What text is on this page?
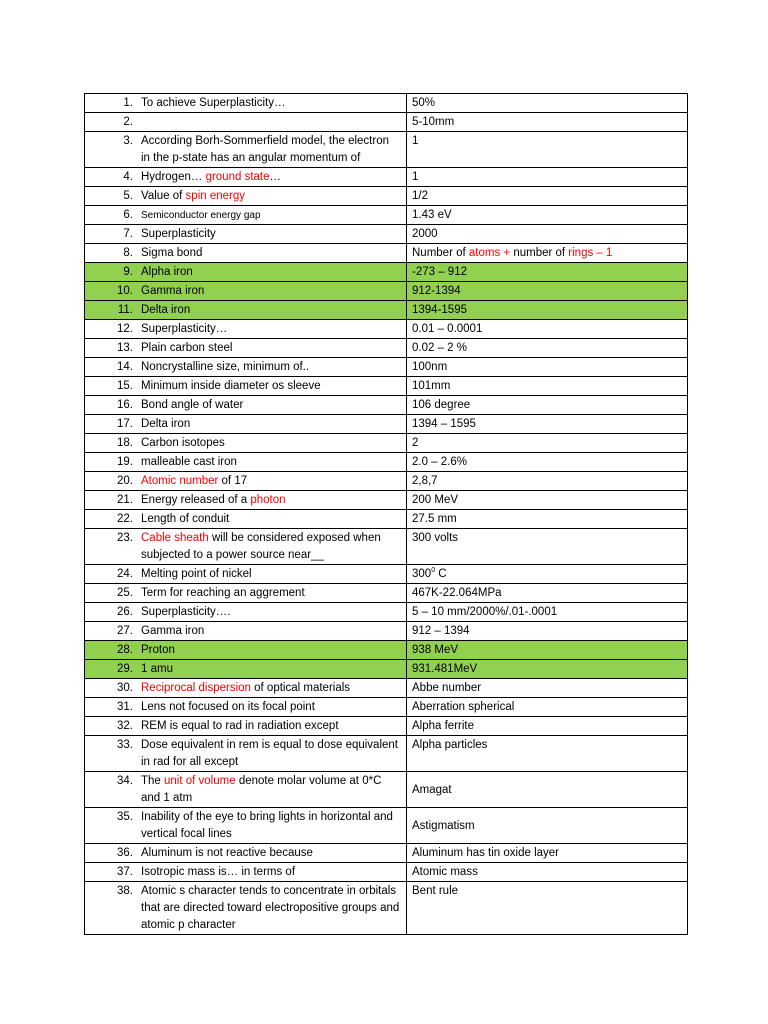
1. To achieve Superplasticity…	50%

2.	5-10mm

3. According Borh-Sommerfield model, the electron in the p-state has an angular momentum of	1

4. Hydrogen… ground state…	1

5. Value of spin energy	1/2

6. Semiconductor energy gap	1.43 eV

7. Superplasticity	2000

8. Sigma bond	Number of atoms + number of rings – 1

9. Alpha iron	-273 – 912

10. Gamma iron	912-1394

11. Delta iron	1394-1595

12. Superplasticity…	0.01 – 0.0001

13. Plain carbon steel	0.02 – 2 %

14. Noncrystalline size, minimum of..	100nm

15. Minimum inside diameter os sleeve	101mm

16. Bond angle of water	106 degree

17. Delta iron	1394 – 1595

18. Carbon isotopes	2

19. malleable cast iron	2.0 – 2.6%

20. Atomic number of 17	2,8,7

21. Energy released of a photon	200 MeV

22. Length of conduit	27.5 mm

23. Cable sheath will be considered exposed when subjected to a power source near__	300 volts

24. Melting point of nickel	$300^0$ C

25. Term for reaching an aggrement	467K-22.064MPa

26. Superplasticity….	5 – 10 mm/2000%/.01-.0001

27. Gamma iron	912 – 1394

28. Proton	938 MeV

29. 1 amu	931.481MeV

30. Reciprocal dispersion of optical materials	Abbe number

31. Lens not focused on its focal point	Aberration spherical

32. REM is equal to rad in radiation except	Alpha ferrite

33. Dose equivalent in rem is equal to dose equivalent in rad for all except	Alpha particles

34. The unit of volume denote molar volume at 0*C and 1 atm	Amagat

35. Inability of the eye to bring lights in horizontal and vertical focal lines	Astigmatism

36. Aluminum is not reactive because	Aluminum has tin oxide layer

37. Isotropic mass is… in terms of	Atomic mass

38. Atomic s character tends to concentrate in orbitals that are directed toward electropositive groups and atomic p character	Bent rule
